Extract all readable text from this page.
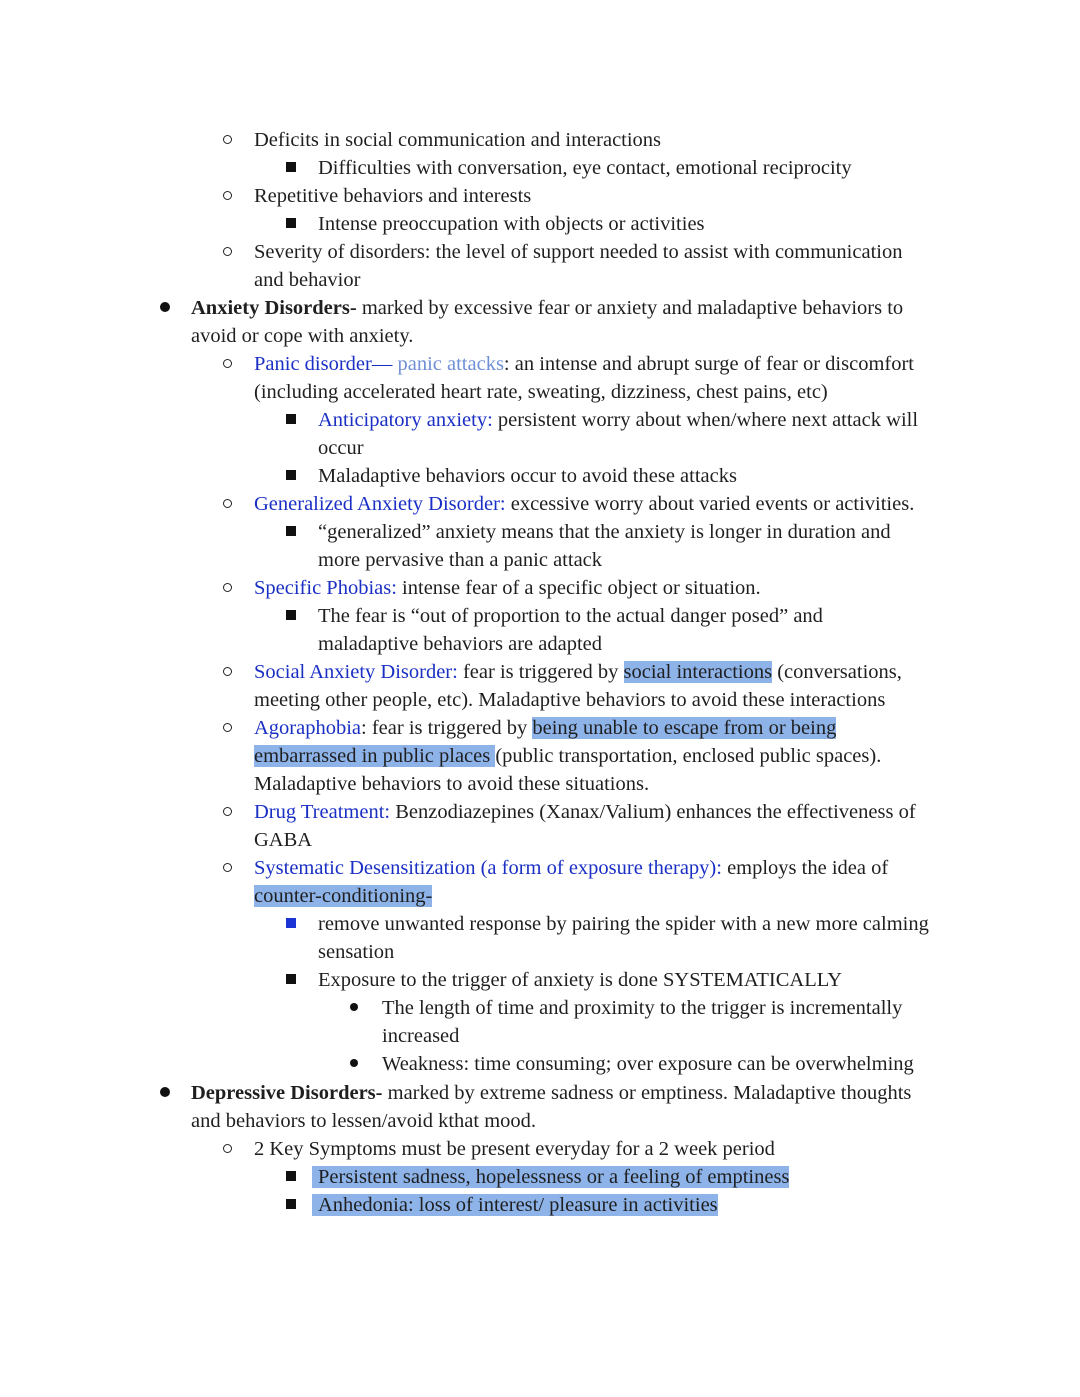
Deficits in social communication and interactions
Difficulties with conversation, eye contact, emotional reciprocity
Repetitive behaviors and interests
Intense preoccupation with objects or activities
Severity of disorders: the level of support needed to assist with communication
and behavior
Anxiety Disorders- marked by excessive fear or anxiety and maladaptive behaviors to
avoid or cope with anxiety.
Panic disorder— panic attacks: an intense and abrupt surge of fear or discomfort
(including accelerated heart rate, sweating, dizziness, chest pains, etc)
Anticipatory anxiety: persistent worry about when/where next attack will
occur
Maladaptive behaviors occur to avoid these attacks
Generalized Anxiety Disorder: excessive worry about varied events or activities.
“generalized” anxiety means that the anxiety is longer in duration and
more pervasive than a panic attack
Specific Phobias: intense fear of a specific object or situation.
The fear is “out of proportion to the actual danger posed” and
maladaptive behaviors are adapted
Social Anxiety Disorder: fear is triggered by social interactions (conversations,
meeting other people, etc). Maladaptive behaviors to avoid these interactions
Agoraphobia: fear is triggered by being unable to escape from or being
embarrassed in public places (public transportation, enclosed public spaces).
Maladaptive behaviors to avoid these situations.
Drug Treatment: Benzodiazepines (Xanax/Valium) enhances the effectiveness of
GABA
Systematic Desensitization (a form of exposure therapy): employs the idea of
counter-conditioning-
remove unwanted response by pairing the spider with a new more calming
sensation
Exposure to the trigger of anxiety is done SYSTEMATICALLY
The length of time and proximity to the trigger is incrementally
increased
Weakness: time consuming; over exposure can be overwhelming
Depressive Disorders- marked by extreme sadness or emptiness. Maladaptive thoughts
and behaviors to lessen/avoid kthat mood.
2 Key Symptoms must be present everyday for a 2 week period
Persistent sadness, hopelessness or a feeling of emptiness
Anhedonia: loss of interest/ pleasure in activities
